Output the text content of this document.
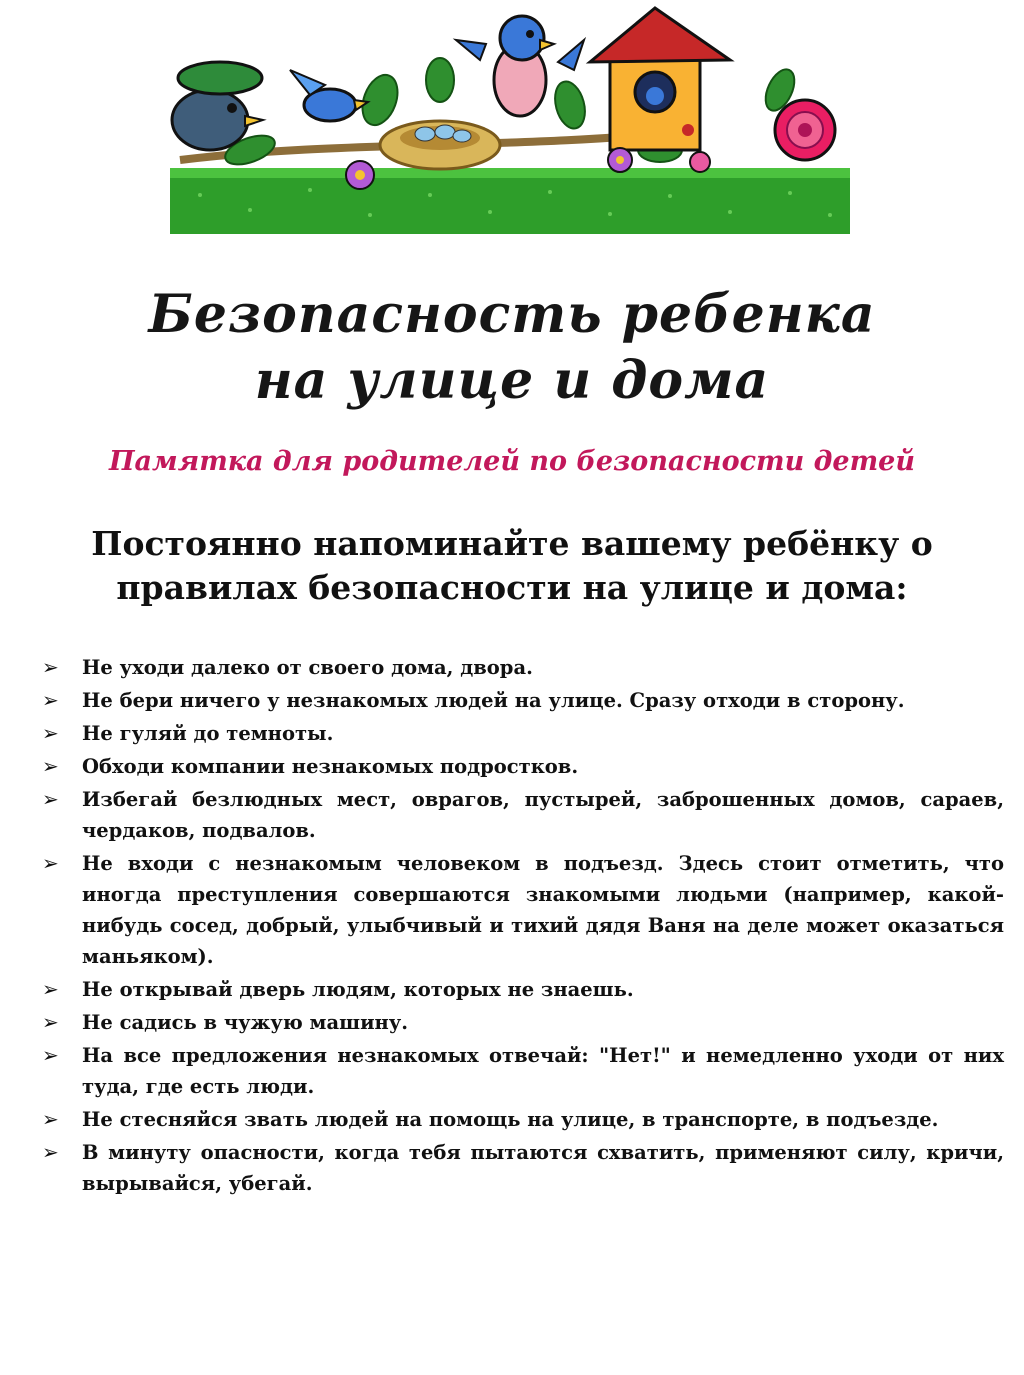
Безопасность ребенка
на улице и дома
Памятка для родителей по безопасности детей
Постоянно напоминайте вашему ребёнку о правилах безопасности на улице и дома:
➢ Не уходи далеко от своего дома, двора.
➢ Не бери ничего у незнакомых людей на улице. Сразу отходи в сторону.
➢ Не гуляй до темноты.
➢ Обходи компании незнакомых подростков.
➢ Избегай безлюдных мест, оврагов, пустырей, заброшенных домов, сараев, чердаков, подвалов.
➢ Не входи с незнакомым человеком в подъезд. Здесь стоит отметить, что иногда преступления совершаются знакомыми людьми (например, какой-нибудь сосед, добрый, улыбчивый и тихий дядя Ваня на деле может оказаться маньяком).
➢ Не открывай дверь людям, которых не знаешь.
➢ Не садись в чужую машину.
➢ На все предложения незнакомых отвечай: "Нет!" и немедленно уходи от них туда, где есть люди.
➢ Не стесняйся звать людей на помощь на улице, в транспорте, в подъезде.
➢ В минуту опасности, когда тебя пытаются схватить, применяют силу, кричи, вырывайся, убегай.
